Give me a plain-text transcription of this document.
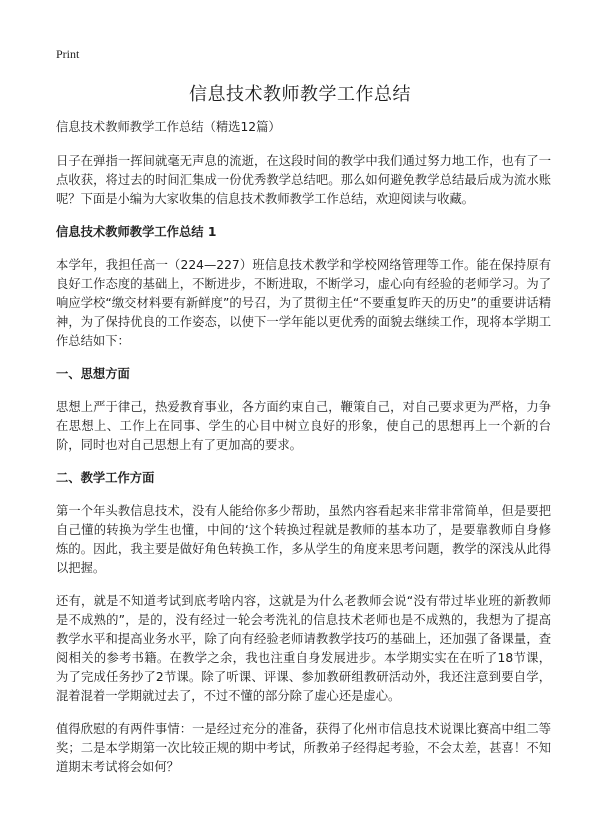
Print
信息技术教师教学工作总结

信息技术教师教学工作总结（精选12篇）

日子在弹指一挥间就毫无声息的流逝，在这段时间的教学中我们通过努力地工作，也有了一点收获，将过去的时间汇集成一份优秀教学总结吧。那么如何避免教学总结最后成为流水账呢？下面是小编为大家收集的信息技术教师教学工作总结，欢迎阅读与收藏。

信息技术教师教学工作总结 1

本学年，我担任高一（224—227）班信息技术教学和学校网络管理等工作。能在保持原有良好工作态度的基础上，不断进步，不断进取，不断学习，虚心向有经验的老师学习。为了响应学校“缴交材料要有新鲜度”的号召，为了贯彻主任“不要重复昨天的历史”的重要讲话精神，为了保持优良的工作姿态，以使下一学年能以更优秀的面貌去继续工作，现将本学期工作总结如下：

一、思想方面

思想上严于律己，热爱教育事业，各方面约束自己，鞭策自己，对自己要求更为严格，力争在思想上、工作上在同事、学生的心目中树立良好的形象，使自己的思想再上一个新的台阶，同时也对自己思想上有了更加高的要求。

二、教学工作方面

第一个年头教信息技术，没有人能给你多少帮助，虽然内容看起来非常非常简单，但是要把自己懂的转换为学生也懂，中间的‘这个转换过程就是教师的基本功了，是要靠教师自身修炼的。因此，我主要是做好角色转换工作，多从学生的角度来思考问题，教学的深浅从此得以把握。

还有，就是不知道考试到底考啥内容，这就是为什么老教师会说“没有带过毕业班的新教师是不成熟的”，是的，没有经过一轮会考洗礼的信息技术老师也是不成熟的，我想为了提高教学水平和提高业务水平，除了向有经验老师请教教学技巧的基础上，还加强了备课量，查阅相关的参考书籍。在教学之余，我也注重自身发展进步。本学期实实在在听了18节课，为了完成任务抄了2节课。除了听课、评课、参加教研组教研活动外，我还注意到要自学，混着混着一学期就过去了，不过不懂的部分除了虚心还是虚心。

值得欣慰的有两件事情：一是经过充分的准备，获得了化州市信息技术说课比赛高中组二等奖；二是本学期第一次比较正规的期中考试，所教弟子经得起考验，不会太差，甚喜！不知道期末考试将会如何？
